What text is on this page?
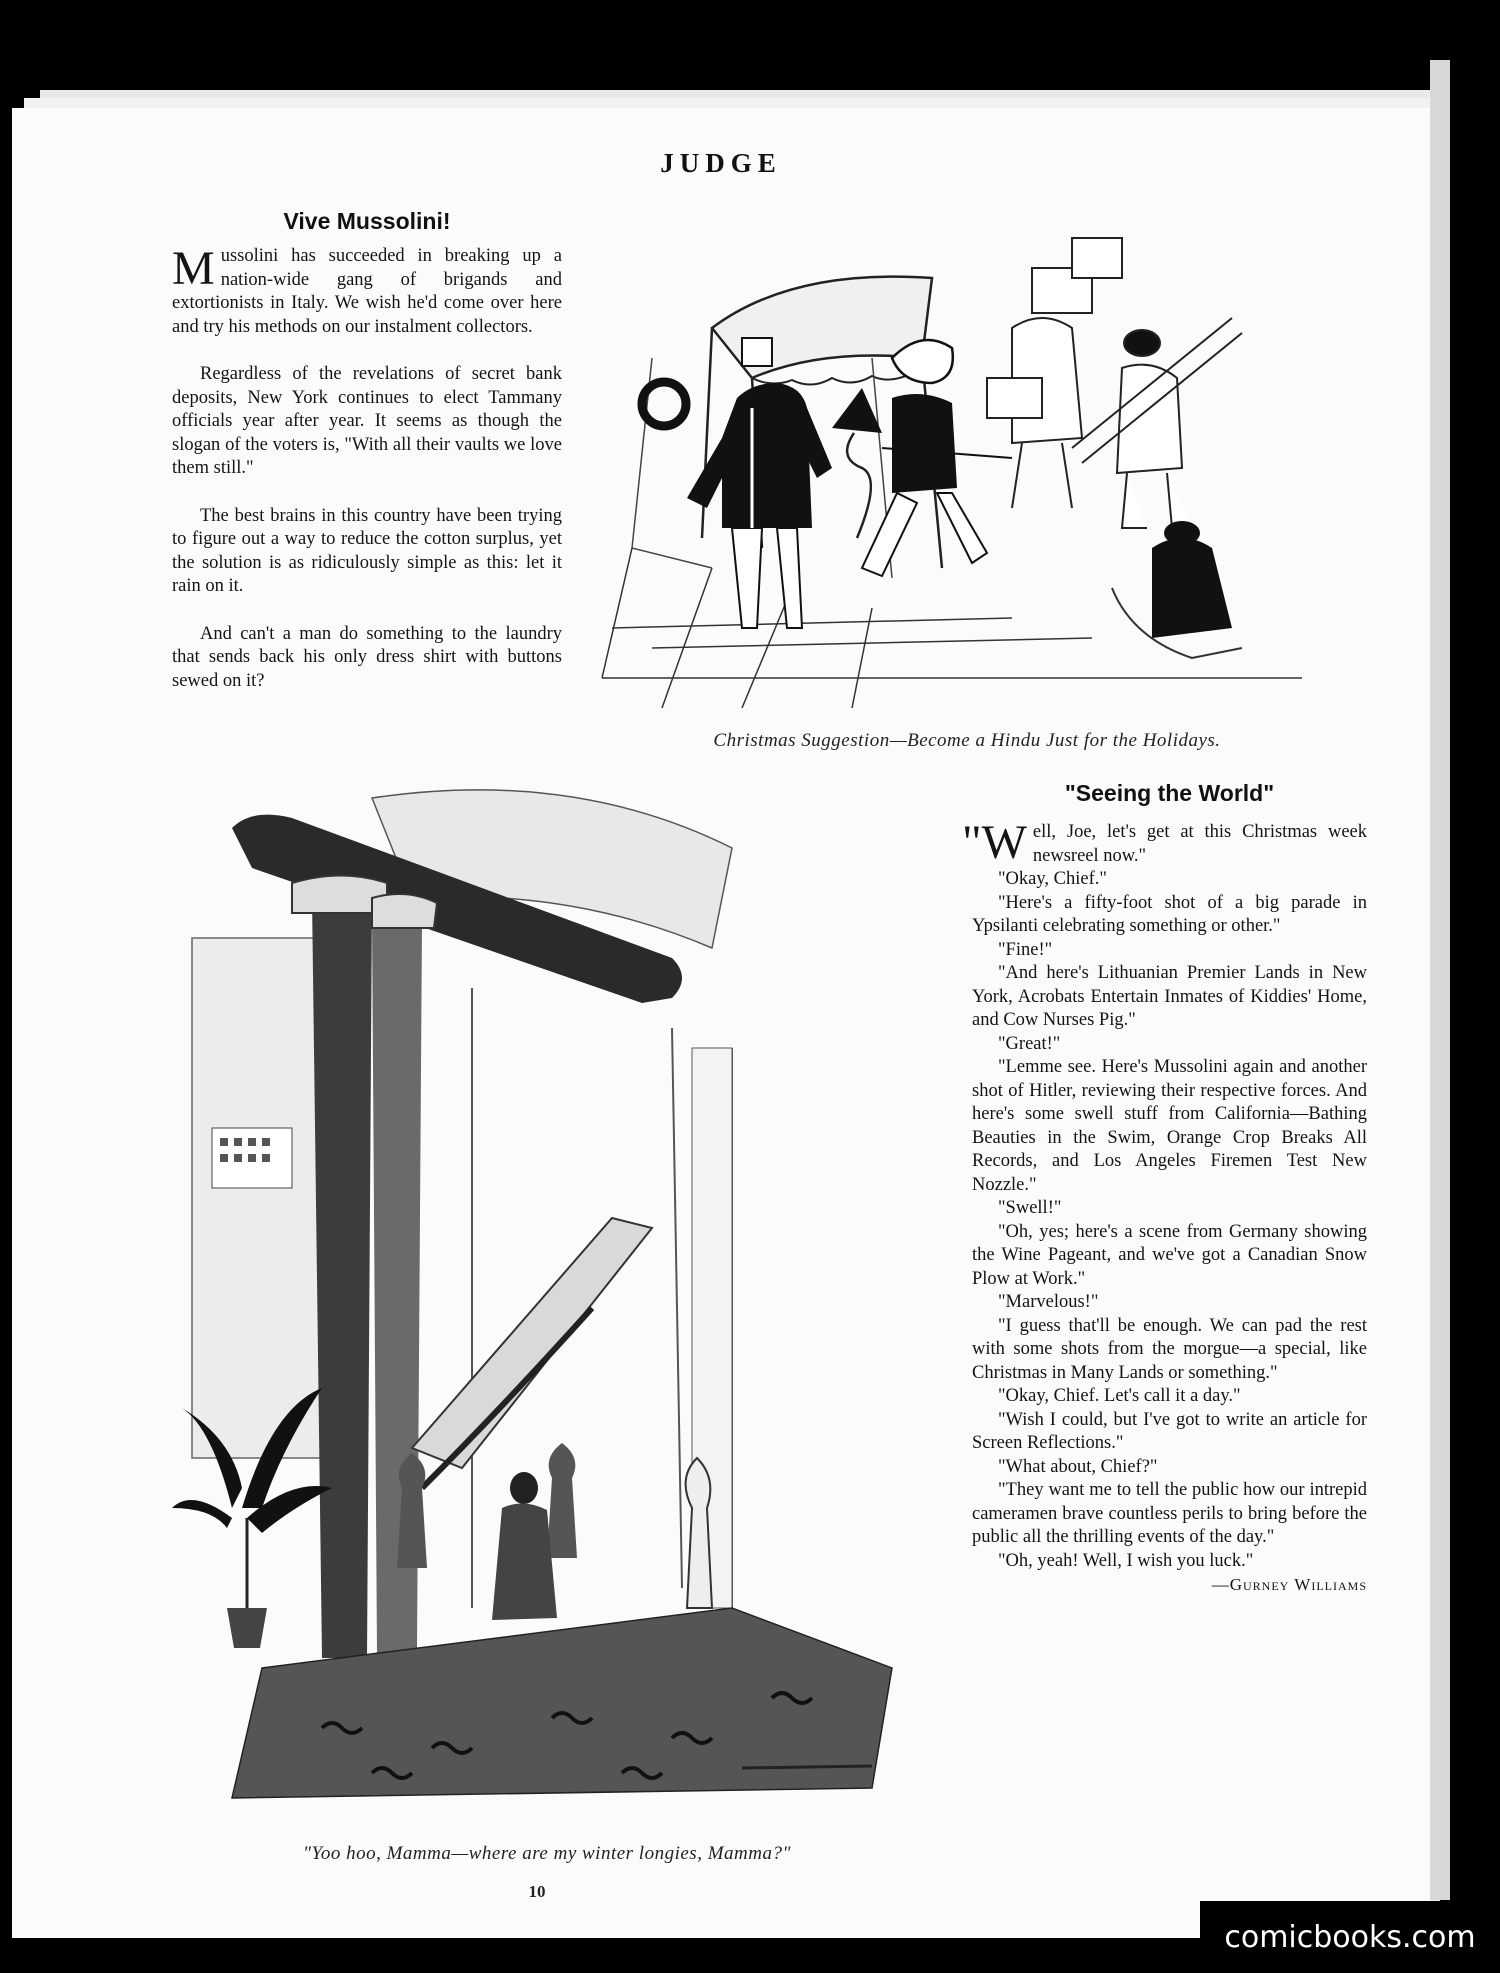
JUDGE
Vive Mussolini!

Mussolini has succeeded in breaking up a nation-wide gang of brigands and extortionists in Italy. We wish he'd come over here and try his methods on our instalment collectors.

Regardless of the revelations of secret bank deposits, New York continues to elect Tammany officials year after year. It seems as though the slogan of the voters is, "With all their vaults we love them still."

The best brains in this country have been trying to figure out a way to reduce the cotton surplus, yet the solution is as ridiculously simple as this: let it rain on it.

And can't a man do something to the laundry that sends back his only dress shirt with buttons sewed on it?

Christmas Suggestion—Become a Hindu Just for the Holidays.
"Yoo hoo, Mamma—where are my winter longies, Mamma?"
"Seeing the World"

"W ell, Joe, let's get at this Christmas week newsreel now."

"Okay, Chief."

"Here's a fifty-foot shot of a big parade in Ypsilanti celebrating something or other."

"Fine!"

"And here's Lithuanian Premier Lands in New York, Acrobats Entertain Inmates of Kiddies' Home, and Cow Nurses Pig."

"Great!"

"Lemme see. Here's Mussolini again and another shot of Hitler, reviewing their respective forces. And here's some swell stuff from California—Bathing Beauties in the Swim, Orange Crop Breaks All Records, and Los Angeles Firemen Test New Nozzle."

"Swell!"

"Oh, yes; here's a scene from Germany showing the Wine Pageant, and we've got a Canadian Snow Plow at Work."

"Marvelous!"

"I guess that'll be enough. We can pad the rest with some shots from the morgue—a special, like Christmas in Many Lands or something."

"Okay, Chief. Let's call it a day."

"Wish I could, but I've got to write an article for Screen Reflections."

"What about, Chief?"

"They want me to tell the public how our intrepid cameramen brave countless perils to bring before the public all the thrilling events of the day."

"Oh, yeah! Well, I wish you luck."

—Gurney Williams
10
comicbooks.com
